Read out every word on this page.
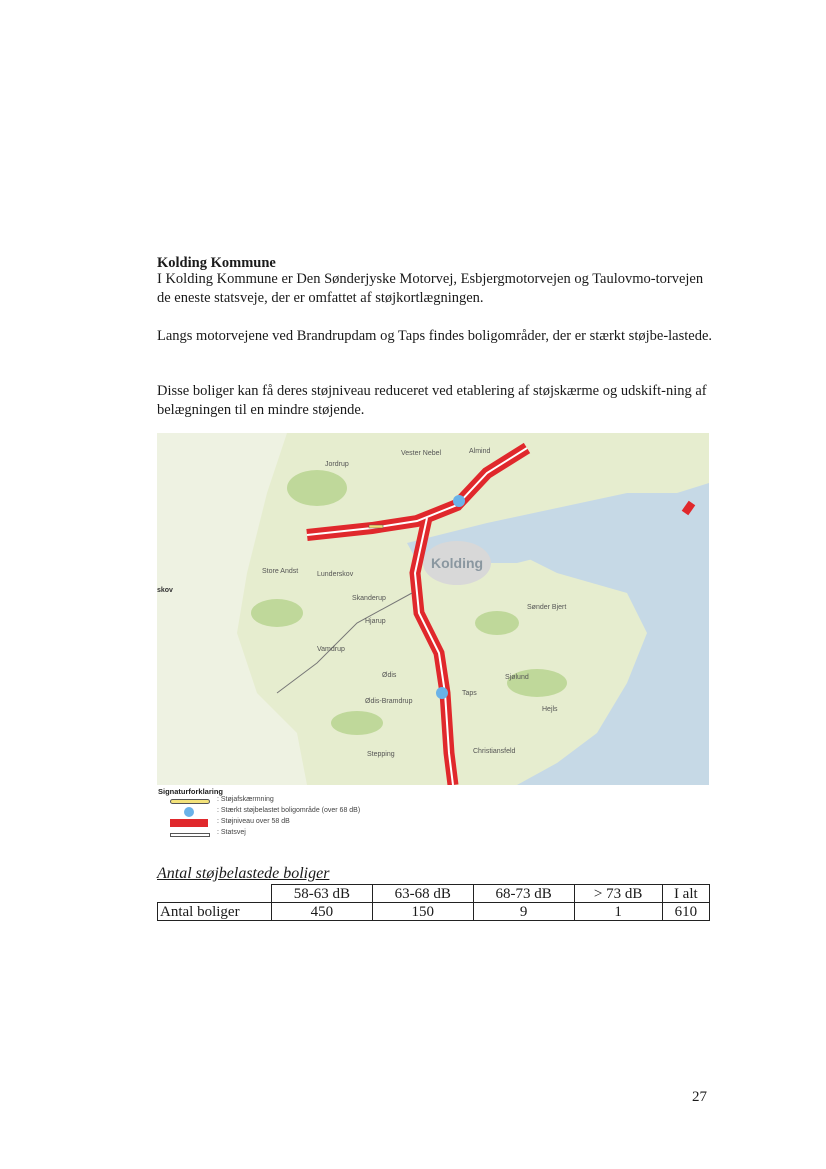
Kolding Kommune
I Kolding Kommune er Den Sønderjyske Motorvej, Esbjergmotorvejen og Taulovmo-torvejen de eneste statsveje, der er omfattet af støjkortlægningen.
Langs motorvejene ved Brandrupdam og Taps findes boligområder, der er stærkt støjbe-lastede.
Disse boliger kan få deres støjniveau reduceret ved etablering af støjskærme og udskift-ning af belægningen til en mindre støjende.
Vester Nebel	Almind
Jordrup
Kolding
Store Andst	Lunderskov
Skanderup
Hjarup
Vamdrup
Sønder Bjert
Ødis
Taps
Sjølund
Ødis-Bramdrup
Hejls
Stepping	Christiansfeld
skov
Signaturforklaring
: Støjafskærmning
: Stærkt støjbelastet boligområde (over 68 dB)
: Støjniveau over 58 dB
: Statsvej
Antal støjbelastede boliger
	58-63 dB	63-68 dB	68-73 dB	> 73 dB	I alt
Antal boliger	450	150	9	1	610
27
